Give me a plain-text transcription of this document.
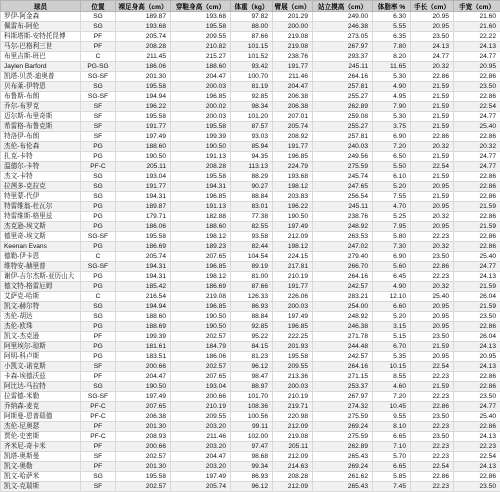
球员	位置	裸足身高（cm）	穿鞋身高（cm）	体重（kg）	臂展（cm）	站立摸高（cm）	体脂率 %	手长（cm）	手宽（cm）
罗伊-阿金森	SG	189.87	193.68	97.82	201.29	249.00	6.30	20.95	21.60
佩雷布-阿伦	SG	193.68	195.58	88.00	200.00	246.38	5.55	20.95	21.60
科斯塔斯-安特托昆博	PF	205.74	209.55	87.66	219.08	273.05	6.35	23.50	22.22
马尔-巴格利三世	PF	208.28	210.82	101.15	219.08	267.97	7.80	24.13	24.13
布里吉斯-班巴	C	211.45	215.27	101.52	238.76	293.37	8.20	24.77	24.77
Jaylen Barford	PG-SG	186.06	188.60	93.42	191.77	245.11	11.65	20.32	20.95
凯塔-贝茨-迪奥普	SG-SF	201.30	204.47	100.70	211.46	264.16	5.30	22.86	22.86
贝布莱-伊特恩	SG	195.58	200.03	81.19	204.47	257.81	4.90	21.59	23.50
布鲁斯-布朗	SG-SF	194.94	196.85	92.85	206.38	255.27	4.95	21.59	22.86
乔尔-布罗克	SF	196.22	200.02	98.34	206.38	262.89	7.90	21.59	22.54
迈尔斯-布里奇斯	SF	195.58	200.03	101.20	207.01	259.08	5.30	21.59	24.77
希雷格-布鲁克斯	SF	191.77	195.58	87.57	205.74	255.27	3.75	21.59	25.40
特洛伊-布朗	SF	197.49	199.39	93.03	208.92	257.81	6.90	22.86	22.86
杰伦-布伦森	PG	188.60	190.50	85.94	191.77	240.03	7.20	20.32	20.32
扎克-卡特	PG	190.50	191.13	94.35	196.85	249.56	6.50	21.59	24.77
温德尔-卡特	PF-C	205.11	208.28	113.13	224.79	275.59	5.50	22.54	24.77
杰文-卡特	SG	193.04	195.58	88.29	193.68	245.74	6.10	21.59	22.86
拉茜多-克拉克	SG	191.77	194.31	90.27	198.12	247.65	5.20	20.95	22.86
特里蒙-代伊	SG	194.31	196.85	88.84	203.83	256.54	7.55	21.59	22.86
特雷维翁-杜瓦尔	PG	189.87	191.13	83.01	196.22	245.11	4.70	20.95	21.59
特雷维斯-格里兹	PG	179.71	182.88	77.38	190.50	238.76	5.25	20.32	22.86
杰克逊-埃文斯	PG	186.06	188.60	82.55	197.49	248.92	7.95	20.95	21.59
德里奇-埃文斯	SG-SF	195.58	198.12	93.58	212.09	263.53	5.80	22.23	22.86
Keenan Evans	PG	186.69	189.23	82.44	198.12	247.02	7.30	20.32	22.86
德勒-伊卡恩	C	205.74	207.65	104.54	224.15	279.40	6.90	23.50	25.40
维特安-赫里普	SG-SF	194.31	196.85	89.19	217.81	266.70	5.60	22.86	24.77
谢伊-吉尔杰斯-亚历山大	PG	194.31	198.12	81.00	210.19	264.16	6.45	22.23	24.13
德文特-格雷厄姆	PG	185.42	186.69	87.66	191.77	242.57	4.90	20.32	21.59
艾萨克-哈斯	C	216.54	219.08	126.33	226.06	283.21	12.10	25.40	26.04
凯文-赫尔特	SG	194.94	196.85	86.93	200.03	254.00	6.60	20.95	21.59
杰伦-胡达	SG	188.60	190.50	88.84	197.49	248.92	5.20	20.95	23.50
杰伦-欧珠	PG	188.69	190.50	92.85	196.85	246.38	3.15	20.95	22.86
凯文-杰克逊	PF	199.39	202.57	95.22	222.25	271.78	5.15	23.50	26.04
阿里埃尔-琼斯	PG	181.61	184.79	84.15	201.93	244.48	6.70	21.59	24.13
阿明-科卢斯	PG	183.51	186.06	81.23	195.58	242.57	5.35	20.95	20.95
小凯文-诺克斯	SF	200.66	202.57	96.12	209.55	264.16	10.15	22.54	24.13
卡森-埃德沃兹	PF	204.47	207.65	98.47	213.36	271.15	8.55	22.23	22.86
阿比达-马拉特	SG	190.50	193.04	88.97	200.03	253.37	4.60	21.59	22.86
拉雷德-米勒	SG-SF	197.49	200.66	101.70	210.19	267.97	7.20	22.23	23.50
乔纳森-麦克	PF-C	207.65	210.19	108.36	219.71	274.32	10.45	22.86	24.77
阿斯曼-恩普瑞德	PF-C	206.38	209.55	100.56	220.98	275.59	9.55	23.50	25.40
杰伦-尼奥瑟	PF	201.30	203.20	99.11	212.09	269.24	8.10	22.23	22.86
贾伦-史密斯	PF-C	208.93	211.46	102.00	219.08	275.59	6.65	23.50	24.13
齐米尼-奇卡米	PF	200.66	203.20	97.47	205.11	262.89	7.10	22.23	22.23
凯塔-奥斯曼	SF	202.57	204.47	98.68	212.09	265.43	5.70	22.23	22.54
凯文-奥勒	PF	201.30	203.20	99.34	214.63	269.24	6.65	22.54	24.13
凯文-哈萨米	SG	195.58	197.49	86.93	208.28	261.62	5.85	22.86	22.86
凯文-克瑞斯	SF	202.57	205.74	96.12	212.09	265.43	7.45	22.23	23.50
